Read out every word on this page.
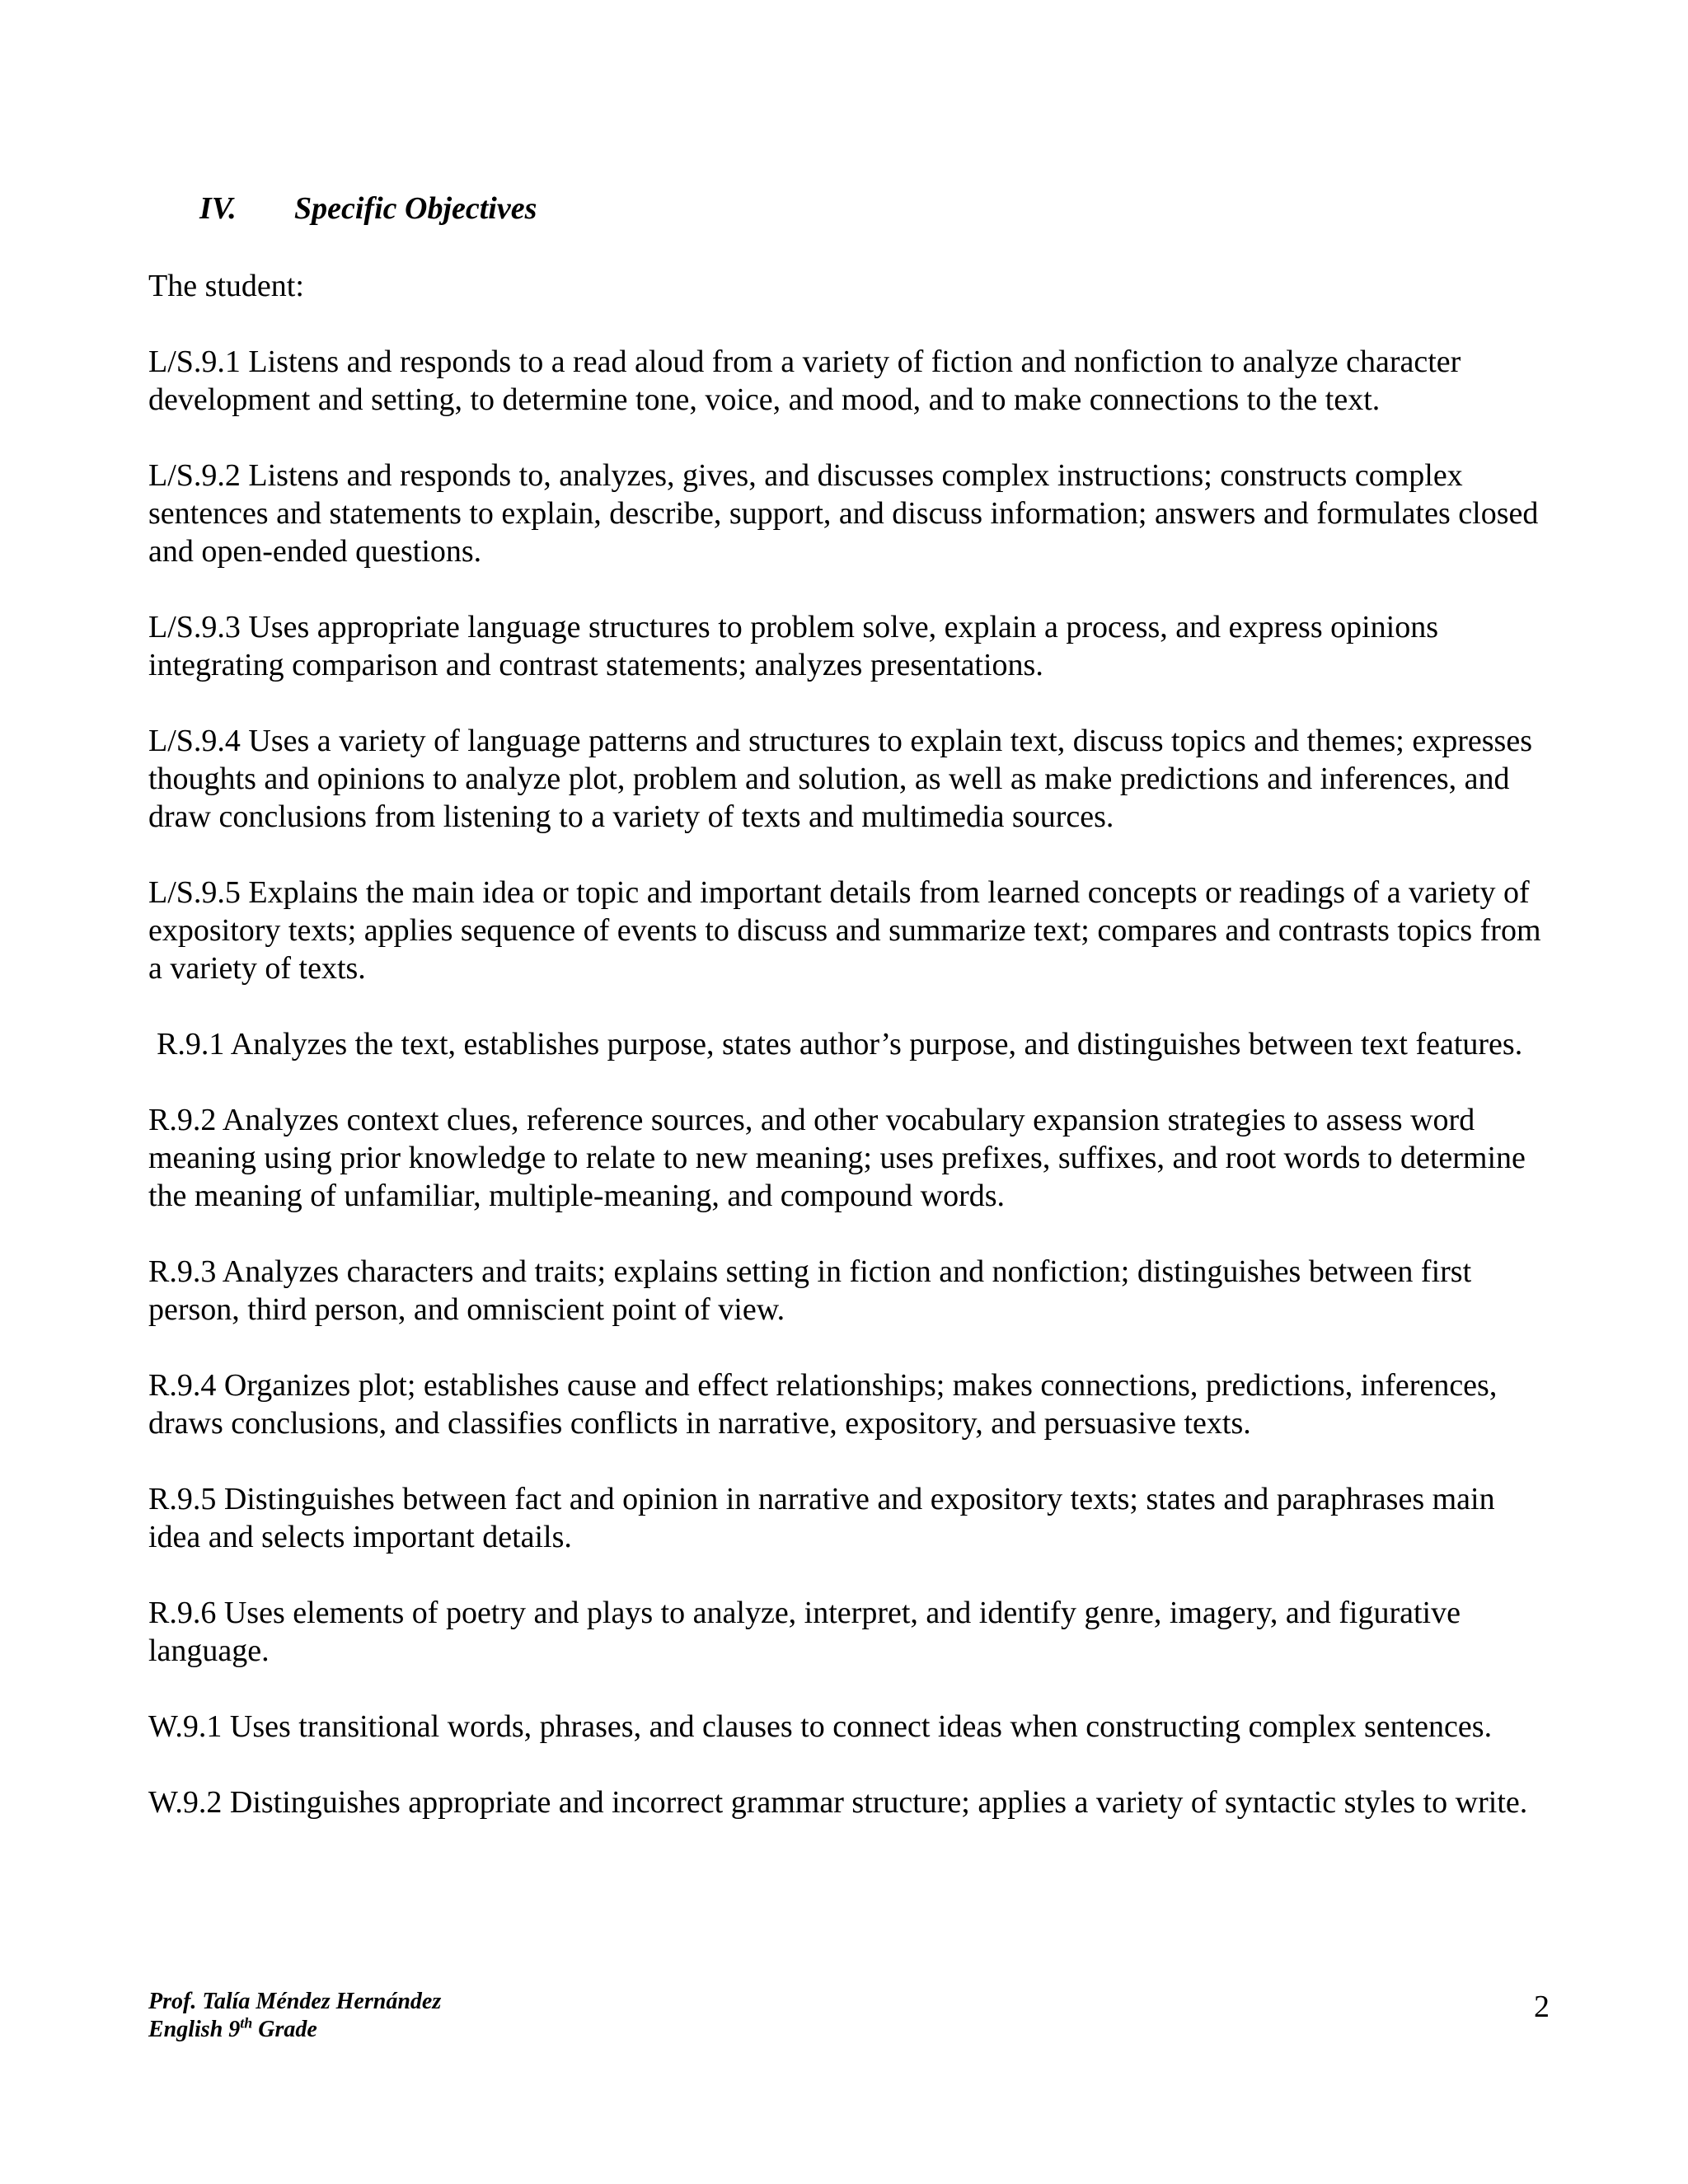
IV.	Specific Objectives

The student:

L/S.9.1 Listens and responds to a read aloud from a variety of fiction and nonfiction to analyze character development and setting, to determine tone, voice, and mood, and to make connections to the text.

L/S.9.2 Listens and responds to, analyzes, gives, and discusses complex instructions; constructs complex sentences and statements to explain, describe, support, and discuss information; answers and formulates closed and open-ended questions.

L/S.9.3 Uses appropriate language structures to problem solve, explain a process, and express opinions integrating comparison and contrast statements; analyzes presentations.

L/S.9.4 Uses a variety of language patterns and structures to explain text, discuss topics and themes; expresses thoughts and opinions to analyze plot, problem and solution, as well as make predictions and inferences, and draw conclusions from listening to a variety of texts and multimedia sources.

L/S.9.5 Explains the main idea or topic and important details from learned concepts or readings of a variety of expository texts; applies sequence of events to discuss and summarize text; compares and contrasts topics from a variety of texts.

R.9.1 Analyzes the text, establishes purpose, states author’s purpose, and distinguishes between text features.

R.9.2 Analyzes context clues, reference sources, and other vocabulary expansion strategies to assess word meaning using prior knowledge to relate to new meaning; uses prefixes, suffixes, and root words to determine the meaning of unfamiliar, multiple-meaning, and compound words.

R.9.3 Analyzes characters and traits; explains setting in fiction and nonfiction; distinguishes between first person, third person, and omniscient point of view.

R.9.4 Organizes plot; establishes cause and effect relationships; makes connections, predictions, inferences, draws conclusions, and classifies conflicts in narrative, expository, and persuasive texts.

R.9.5 Distinguishes between fact and opinion in narrative and expository texts; states and paraphrases main idea and selects important details.

R.9.6 Uses elements of poetry and plays to analyze, interpret, and identify genre, imagery, and figurative language.

W.9.1 Uses transitional words, phrases, and clauses to connect ideas when constructing complex sentences.

W.9.2 Distinguishes appropriate and incorrect grammar structure; applies a variety of syntactic styles to write.

Prof. Talía Méndez Hernández
English 9th Grade
2
